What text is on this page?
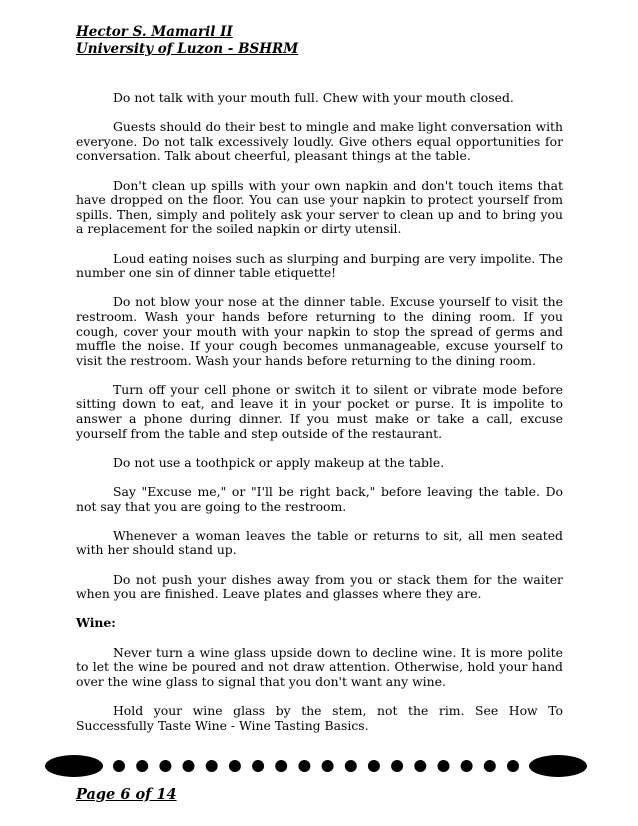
Hector S. Mamaril II
University of Luzon - BSHRM

Do not talk with your mouth full. Chew with your mouth closed.

Guests should do their best to mingle and make light conversation with everyone. Do not talk excessively loudly. Give others equal opportunities for conversation. Talk about cheerful, pleasant things at the table.

Don't clean up spills with your own napkin and don't touch items that have dropped on the floor. You can use your napkin to protect yourself from spills. Then, simply and politely ask your server to clean up and to bring you a replacement for the soiled napkin or dirty utensil.

Loud eating noises such as slurping and burping are very impolite. The number one sin of dinner table etiquette!

Do not blow your nose at the dinner table. Excuse yourself to visit the restroom. Wash your hands before returning to the dining room. If you cough, cover your mouth with your napkin to stop the spread of germs and muffle the noise. If your cough becomes unmanageable, excuse yourself to visit the restroom. Wash your hands before returning to the dining room.

Turn off your cell phone or switch it to silent or vibrate mode before sitting down to eat, and leave it in your pocket or purse. It is impolite to answer a phone during dinner. If you must make or take a call, excuse yourself from the table and step outside of the restaurant.

Do not use a toothpick or apply makeup at the table.

Say "Excuse me," or "I'll be right back," before leaving the table. Do not say that you are going to the restroom.

Whenever a woman leaves the table or returns to sit, all men seated with her should stand up.

Do not push your dishes away from you or stack them for the waiter when you are finished. Leave plates and glasses where they are.

Wine:

Never turn a wine glass upside down to decline wine. It is more polite to let the wine be poured and not draw attention. Otherwise, hold your hand over the wine glass to signal that you don't want any wine.

Hold your wine glass by the stem, not the rim. See How To Successfully Taste Wine - Wine Tasting Basics.

Page 6 of 14
